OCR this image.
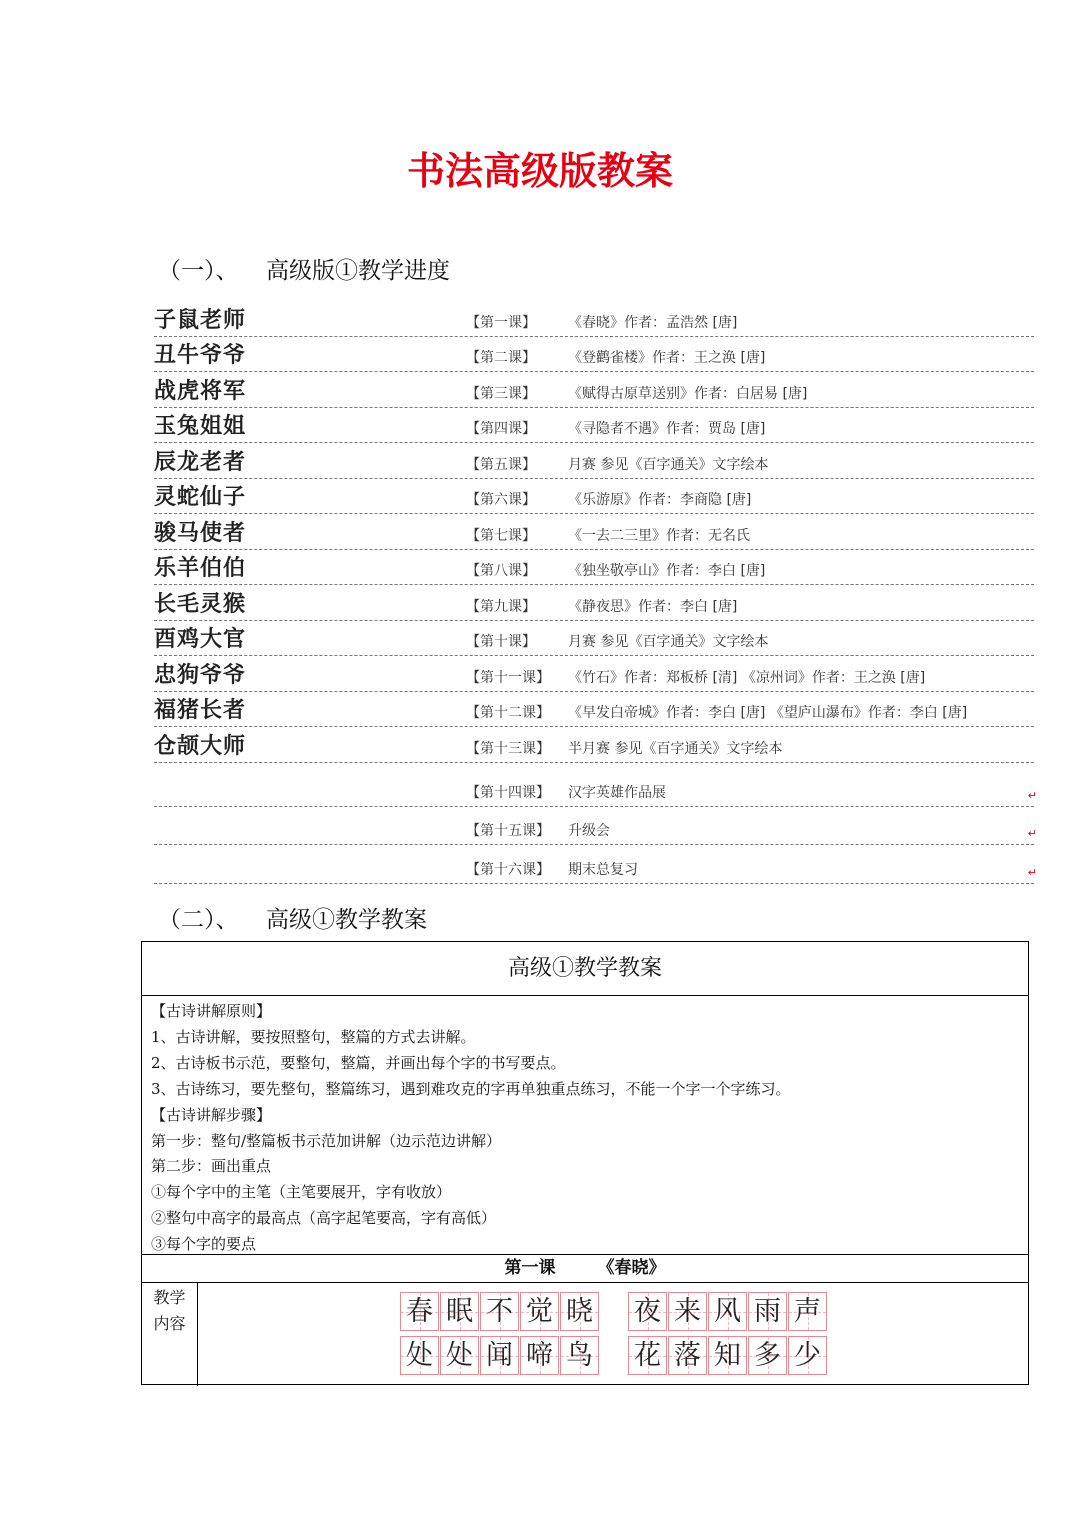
书法高级版教案
（一）、 高级版①教学进度
子鼠老师	【第一课】 《春晓》作者：孟浩然 [唐]
丑牛爷爷	【第二课】 《登鹳雀楼》作者：王之涣 [唐]
战虎将军	【第三课】 《赋得古原草送别》作者：白居易 [唐]
玉兔姐姐	【第四课】 《寻隐者不遇》作者：贾岛 [唐]
辰龙老者	【第五课】 月赛 参见《百字通关》文字绘本
灵蛇仙子	【第六课】 《乐游原》作者：李商隐 [唐]
骏马使者	【第七课】 《一去二三里》作者：无名氏
乐羊伯伯	【第八课】 《独坐敬亭山》作者：李白 [唐]
长毛灵猴	【第九课】 《静夜思》作者：李白 [唐]
酉鸡大官	【第十课】 月赛 参见《百字通关》文字绘本
忠狗爷爷	【第十一课】 《竹石》作者：郑板桥 [清] 《凉州词》作者：王之涣 [唐]
福猪长者	【第十二课】 《早发白帝城》作者：李白 [唐] 《望庐山瀑布》作者：李白 [唐]
仓颉大师	【第十三课】 半月赛 参见《百字通关》文字绘本
【第十四课】 汉字英雄作品展	↵
【第十五课】 升级会	↵
【第十六课】 期末总复习	↵
（二）、 高级①教学教案
高级①教学教案
【古诗讲解原则】
1、古诗讲解，要按照整句，整篇的方式去讲解。
2、古诗板书示范，要整句，整篇，并画出每个字的书写要点。
3、古诗练习，要先整句，整篇练习，遇到难攻克的字再单独重点练习，不能一个字一个字练习。
【古诗讲解步骤】
第一步：整句/整篇板书示范加讲解（边示范边讲解）
第二步：画出重点
①每个字中的主笔（主笔要展开，字有收放）
②整句中高字的最高点（高字起笔要高，字有高低）
③每个字的要点
第一课 《春晓》
教学
内容	春 眠 不 觉 晓 夜 来 风 雨 声
处 处 闻 啼 鸟 花 落 知 多 少
